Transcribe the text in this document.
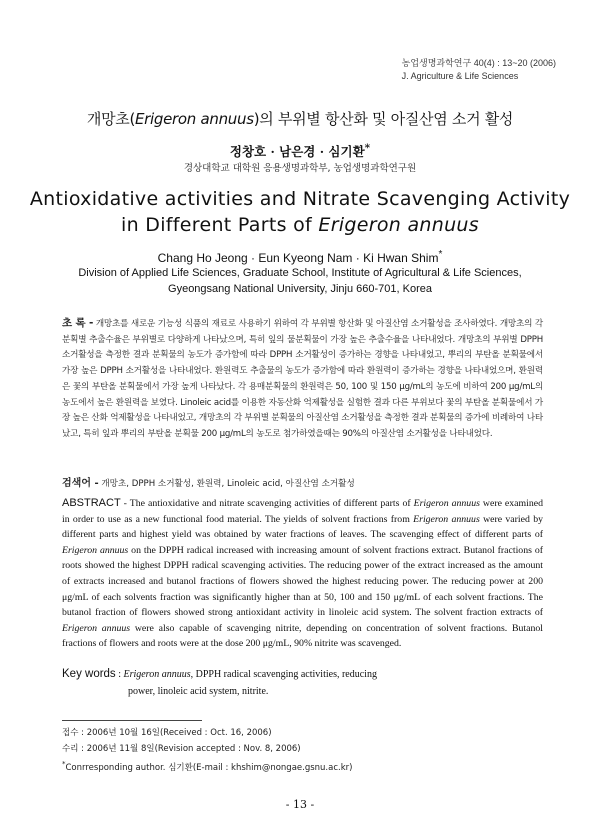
농업생명과학연구 40(4) : 13~20 (2006)
J. Agriculture & Life Sciences
개망초(Erigeron annuus)의 부위별 항산화 및 아질산염 소거 활성
정창호 · 남은경 · 심기환*
경상대학교 대학원 응용생명과학부, 농업생명과학연구원
Antioxidative activities and Nitrate Scavenging Activity
in Different Parts of Erigeron annuus
Chang Ho Jeong · Eun Kyeong Nam · Ki Hwan Shim*
Division of Applied Life Sciences, Graduate School, Institute of Agricultural & Life Sciences,
Gyeongsang National University, Jinju 660-701, Korea
초 록 - 개망초를 새로운 기능성 식품의 재료로 사용하기 위하여 각 부위별 항산화 및 아질산염 소거활성을 조사하였다. 개망초의 각 분획별 추출수율은 부위별로 다양하게 나타났으며, 특히 잎의 물분획물이 가장 높은 추출수율을 나타내었다. 개망초의 부위별 DPPH 소거활성을 측정한 결과 분획물의 농도가 증가함에 따라 DPPH 소거활성이 증가하는 경향을 나타내었고, 뿌리의 부탄올 분획물에서 가장 높은 DPPH 소거활성을 나타내었다. 환원력도 추출물의 농도가 증가함에 따라 환원력이 증가하는 경향을 나타내었으며, 환원력은 꽃의 부탄올 분획물에서 가장 높게 나타났다. 각 용매분획물의 환원력은 50, 100 및 150 μg/mL의 농도에 비하여 200 μg/mL의 농도에서 높은 환원력을 보였다. Linoleic acid를 이용한 자동산화 억제활성을 실험한 결과 다른 부위보다 꽃의 부탄올 분획물에서 가장 높은 산화 억제활성을 나타내었고, 개망초의 각 부위별 분획물의 아질산염 소거활성을 측정한 결과 분획물의 증가에 비례하여 나타났고, 특히 잎과 뿌리의 부탄올 분획물 200 μg/mL의 농도로 첨가하였을때는 90%의 아질산염 소거활성을 나타내었다.
검색어 - 개망초, DPPH 소거활성, 환원력, Linoleic acid, 아질산염 소거활성
ABSTRACT - The antioxidative and nitrate scavenging activities of different parts of Erigeron annuus were examined in order to use as a new functional food material. The yields of solvent fractions from Erigeron annuus were varied by different parts and highest yield was obtained by water fractions of leaves. The scavenging effect of different parts of Erigeron annuus on the DPPH radical increased with increasing amount of solvent fractions extract. Butanol fractions of roots showed the highest DPPH radical scavenging activities. The reducing power of the extract increased as the amount of extracts increased and butanol fractions of flowers showed the highest reducing power. The reducing power at 200 μg/mL of each solvents fraction was significantly higher than at 50, 100 and 150 μg/mL of each solvent fractions. The butanol fraction of flowers showed strong antioxidant activity in linoleic acid system. The solvent fraction extracts of Erigeron annuus were also capable of scavenging nitrite, depending on concentration of solvent fractions. Butanol fractions of flowers and roots were at the dose 200 μg/mL, 90% nitrite was scavenged.
Key words : Erigeron annuus, DPPH radical scavenging activities, reducing
power, linoleic acid system, nitrite.
접수 : 2006년 10월 16일(Received : Oct. 16, 2006)
수리 : 2006년 11월 8일(Revision accepted : Nov. 8, 2006)
*Conrresponding author. 심기환(E-mail : khshim@nongae.gsnu.ac.kr)
- 13 -
